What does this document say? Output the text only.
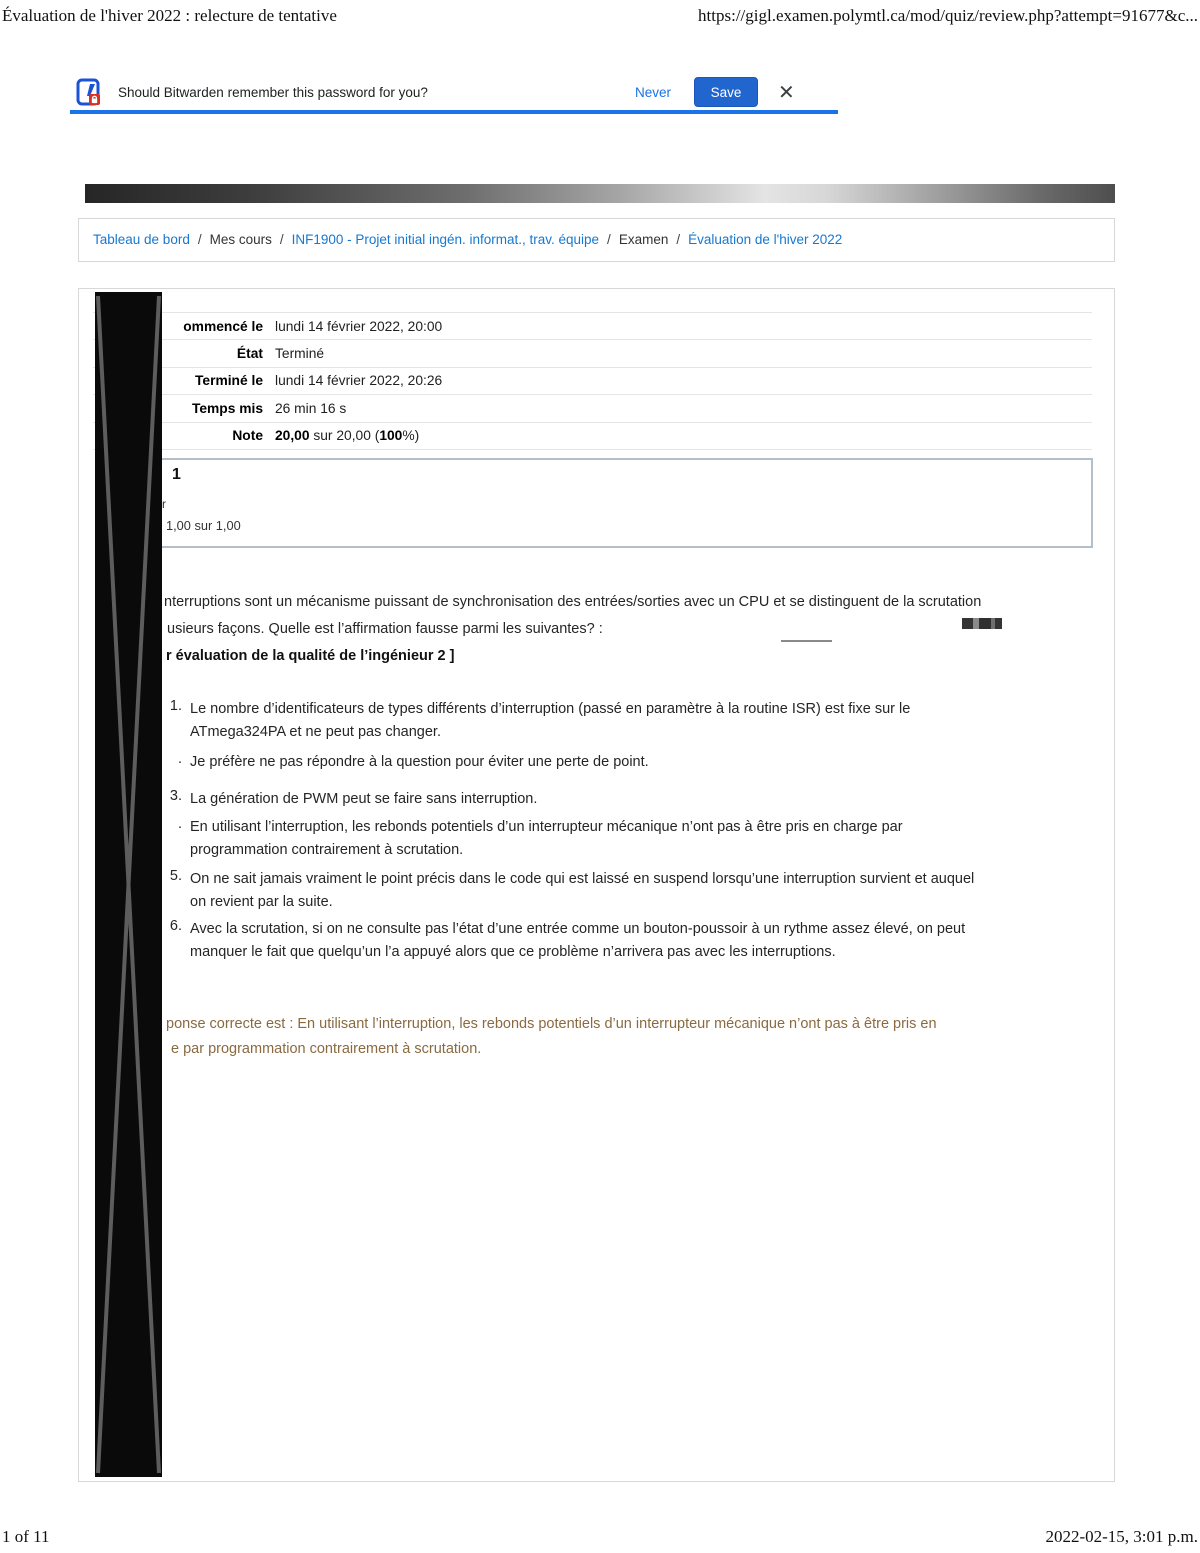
Évaluation de l'hiver 2022 : relecture de tentative	https://gigl.examen.polymtl.ca/mod/quiz/review.php?attempt=91677&c...
Should Bitwarden remember this password for you?	Never	Save	✕
Tableau de bord / Mes cours / INF1900 - Projet initial ingén. informat., trav. équipe / Examen / Évaluation de l'hiver 2022
ommencé le lundi 14 février 2022, 20:00
État Terminé
Terminé le lundi 14 février 2022, 20:26
Temps mis 26 min 16 s
Note 20,00 sur 20,00 (100%)
1
r
1,00 sur 1,00
nterruptions sont un mécanisme puissant de synchronisation des entrées/sorties avec un CPU et se distinguent de la scrutation
usieurs façons. Quelle est l’affirmation fausse parmi les suivantes? :
r évaluation de la qualité de l’ingénieur 2 ]
1. Le nombre d’identificateurs de types différents d’interruption (passé en paramètre à la routine ISR) est fixe sur le
ATmega324PA et ne peut pas changer.
. Je préfère ne pas répondre à la question pour éviter une perte de point.
3. La génération de PWM peut se faire sans interruption.
. En utilisant l’interruption, les rebonds potentiels d’un interrupteur mécanique n’ont pas à être pris en charge par
programmation contrairement à scrutation.
5. On ne sait jamais vraiment le point précis dans le code qui est laissé en suspend lorsqu’une interruption survient et auquel
on revient par la suite.
6. Avec la scrutation, si on ne consulte pas l’état d’une entrée comme un bouton-poussoir à un rythme assez élevé, on peut
manquer le fait que quelqu’un l’a appuyé alors que ce problème n’arrivera pas avec les interruptions.
ponse correcte est : En utilisant l’interruption, les rebonds potentiels d’un interrupteur mécanique n’ont pas à être pris en
e par programmation contrairement à scrutation.
1 of 11	2022-02-15, 3:01 p.m.
